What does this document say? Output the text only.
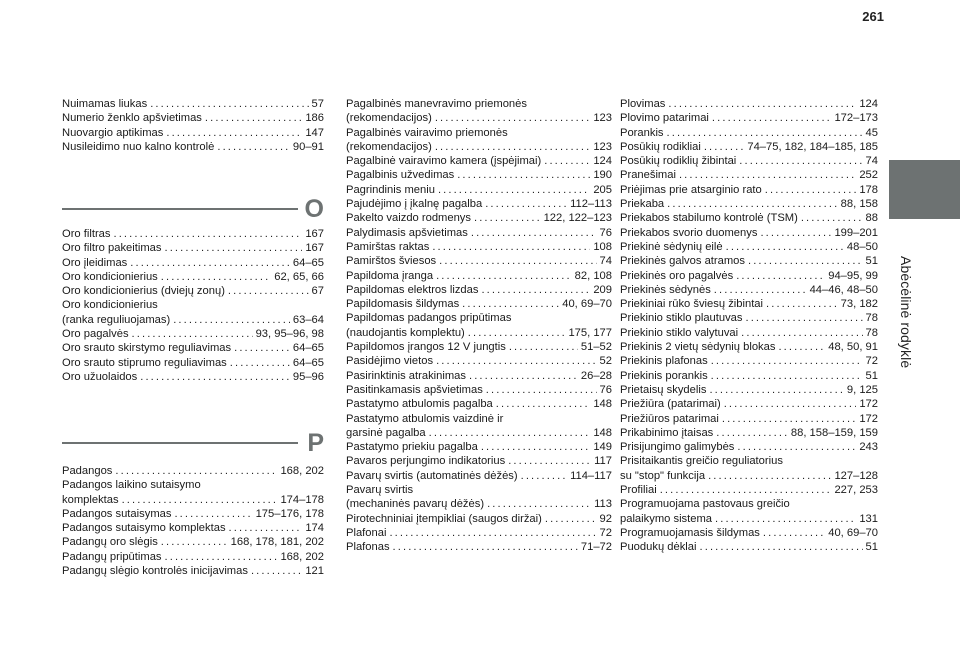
261
Abėcėlinė rodyklė
Nuimamas liukas . . .	57
Numerio ženklo apšvietimas . . .	186
Nuovargio aptikimas . . .	147
Nusileidimo nuo kalno kontrolė . . .	90–91
O
Oro filtras . . .	167
Oro filtro pakeitimas . . .	167
Oro įleidimas . . .	64–65
Oro kondicionierius . . .	62, 65, 66
Oro kondicionierius (dviejų zonų) . . .	67
Oro kondicionierius
(ranka reguliuojamas) . . .	63–64
Oro pagalvės . . .	93, 95–96, 98
Oro srauto skirstymo reguliavimas . . .	64–65
Oro srauto stiprumo reguliavimas . . .	64–65
Oro užuolaidos . . .	95–96
P
Padangos . . .	168, 202
Padangos laikino sutaisymo
komplektas . . .	174–178
Padangos sutaisymas . . .	175–176, 178
Padangos sutaisymo komplektas . . .	174
Padangų oro slėgis . . .	168, 178, 181, 202
Padangų pripūtimas . . .	168, 202
Padangų slėgio kontrolės inicijavimas . . .	121
Pagalbinės manevravimo priemonės
(rekomendacijos) . . .	123
Pagalbinės vairavimo priemonės
(rekomendacijos) . . .	123
Pagalbinė vairavimo kamera (įspėjimai) . . .	124
Pagalbinis užvedimas . . .	190
Pagrindinis meniu . . .	205
Pajudėjimo į įkalnę pagalba . . .	112–113
Pakelto vaizdo rodmenys . . .	122, 122–123
Palydimasis apšvietimas . . .	76
Pamirštas raktas . . .	108
Pamirštos šviesos . . .	74
Papildoma įranga . . .	82, 108
Papildomas elektros lizdas . . .	209
Papildomasis šildymas . . .	40, 69–70
Papildomas padangos pripūtimas
(naudojantis komplektu) . . .	175, 177
Papildomos įrangos 12 V jungtis . . .	51–52
Pasidėjimo vietos . . .	52
Pasirinktinis atrakinimas . . .	26–28
Pasitinkamasis apšvietimas . . .	76
Pastatymo atbulomis pagalba . . .	148
Pastatymo atbulomis vaizdinė ir
garsinė pagalba . . .	148
Pastatymo priekiu pagalba . . .	149
Pavaros perjungimo indikatorius . . .	117
Pavarų svirtis (automatinės dėžės) . . .	114–117
Pavarų svirtis
(mechaninės pavarų dėžės) . . .	113
Pirotechniniai įtempikliai (saugos diržai) . . .	92
Plafonai . . .	72
Plafonas . . .	71–72
Plovimas . . .	124
Plovimo patarimai . . .	172–173
Porankis . . .	45
Posūkių rodikliai . . .	74–75, 182, 184–185, 185
Posūkių rodiklių žibintai . . .	74
Pranešimai . . .	252
Priėjimas prie atsarginio rato . . .	178
Priekaba . . .	88, 158
Priekabos stabilumo kontrolė (TSM) . . .	88
Priekabos svorio duomenys . . .	199–201
Priekinė sėdynių eilė . . .	48–50
Priekinės galvos atramos . . .	51
Priekinės oro pagalvės . . .	94–95, 99
Priekinės sėdynės . . .	44–46, 48–50
Priekiniai rūko šviesų žibintai . . .	73, 182
Priekinio stiklo plautuvas . . .	78
Priekinio stiklo valytuvai . . .	78
Priekinis 2 vietų sėdynių blokas . . .	48, 50, 91
Priekinis plafonas . . .	72
Priekinis porankis . . .	51
Prietaisų skydelis . . .	9, 125
Priežiūra (patarimai) . . .	172
Priežiūros patarimai . . .	172
Prikabinimo įtaisas . . .	88, 158–159, 159
Prisijungimo galimybės . . .	243
Prisitaikantis greičio reguliatorius
su "stop" funkcija . . .	127–128
Profiliai . . .	227, 253
Programuojama pastovaus greičio
palaikymo sistema . . .	131
Programuojamasis šildymas . . .	40, 69–70
Puodukų dėklai . . .	51
